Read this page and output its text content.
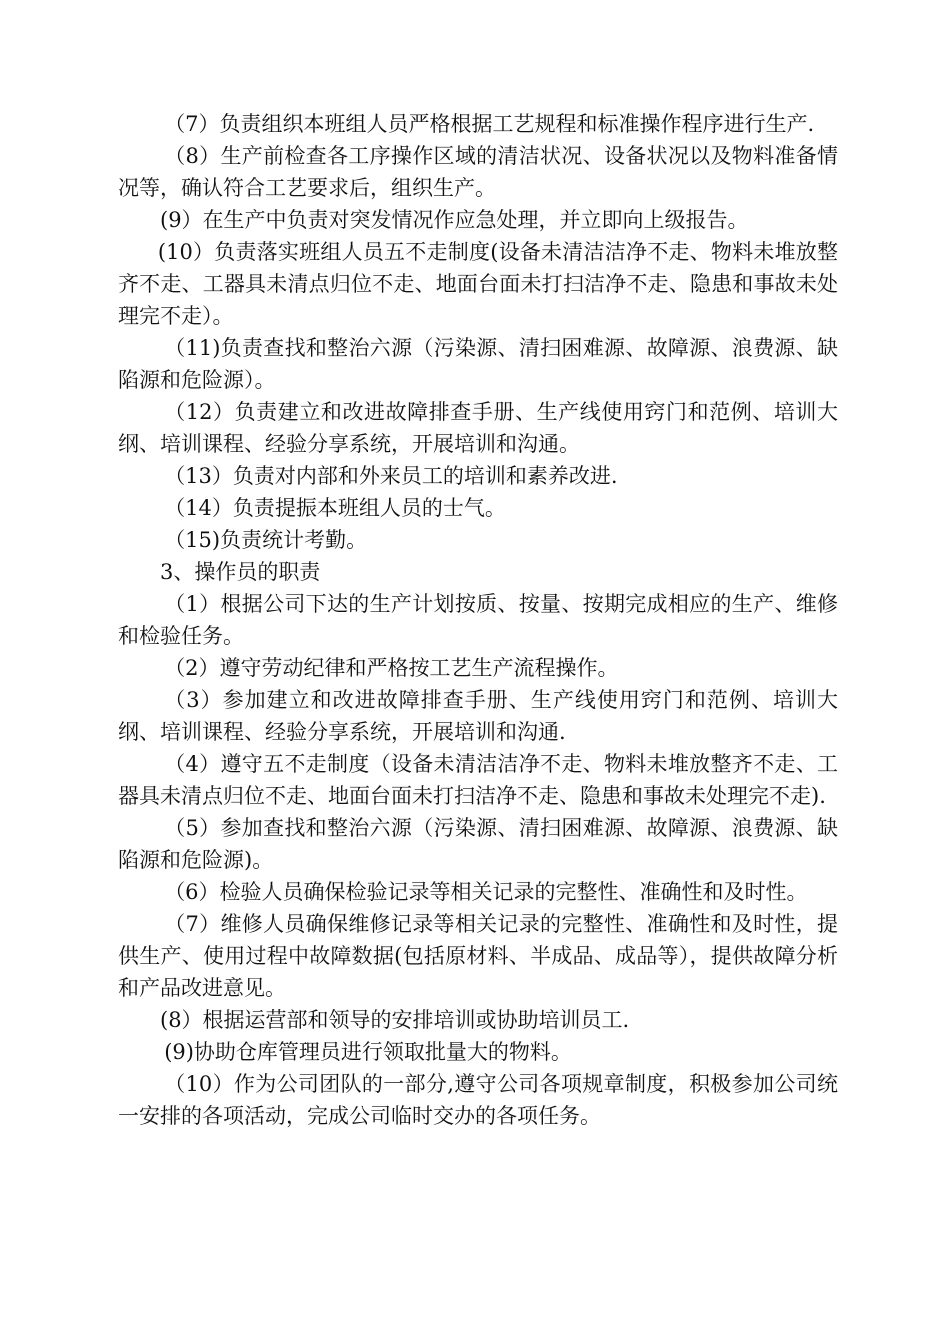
（7）负责组织本班组人员严格根据工艺规程和标准操作程序进行生产.

（8）生产前检查各工序操作区域的清洁状况、设备状况以及物料准备情况等，确认符合工艺要求后，组织生产。

(9）在生产中负责对突发情况作应急处理，并立即向上级报告。

(10）负责落实班组人员五不走制度(设备未清洁洁净不走、物料未堆放整齐不走、工器具未清点归位不走、地面台面未打扫洁净不走、隐患和事故未处理完不走）。

（11)负责查找和整治六源（污染源、清扫困难源、故障源、浪费源、缺陷源和危险源）。

（12）负责建立和改进故障排查手册、生产线使用窍门和范例、培训大纲、培训课程、经验分享系统，开展培训和沟通。

（13）负责对内部和外来员工的培训和素养改进.

（14）负责提振本班组人员的士气。

（15)负责统计考勤。

3、操作员的职责

（1）根据公司下达的生产计划按质、按量、按期完成相应的生产、维修和检验任务。

（2）遵守劳动纪律和严格按工艺生产流程操作。

（3）参加建立和改进故障排查手册、生产线使用窍门和范例、培训大纲、培训课程、经验分享系统，开展培训和沟通.

（4）遵守五不走制度（设备未清洁洁净不走、物料未堆放整齐不走、工器具未清点归位不走、地面台面未打扫洁净不走、隐患和事故未处理完不走).

（5）参加查找和整治六源（污染源、清扫困难源、故障源、浪费源、缺陷源和危险源)。

（6）检验人员确保检验记录等相关记录的完整性、准确性和及时性。

（7）维修人员确保维修记录等相关记录的完整性、准确性和及时性，提供生产、使用过程中故障数据(包括原材料、半成品、成品等），提供故障分析和产品改进意见。

(8）根据运营部和领导的安排培训或协助培训员工.

(9)协助仓库管理员进行领取批量大的物料。

（10）作为公司团队的一部分,遵守公司各项规章制度，积极参加公司统一安排的各项活动，完成公司临时交办的各项任务。
